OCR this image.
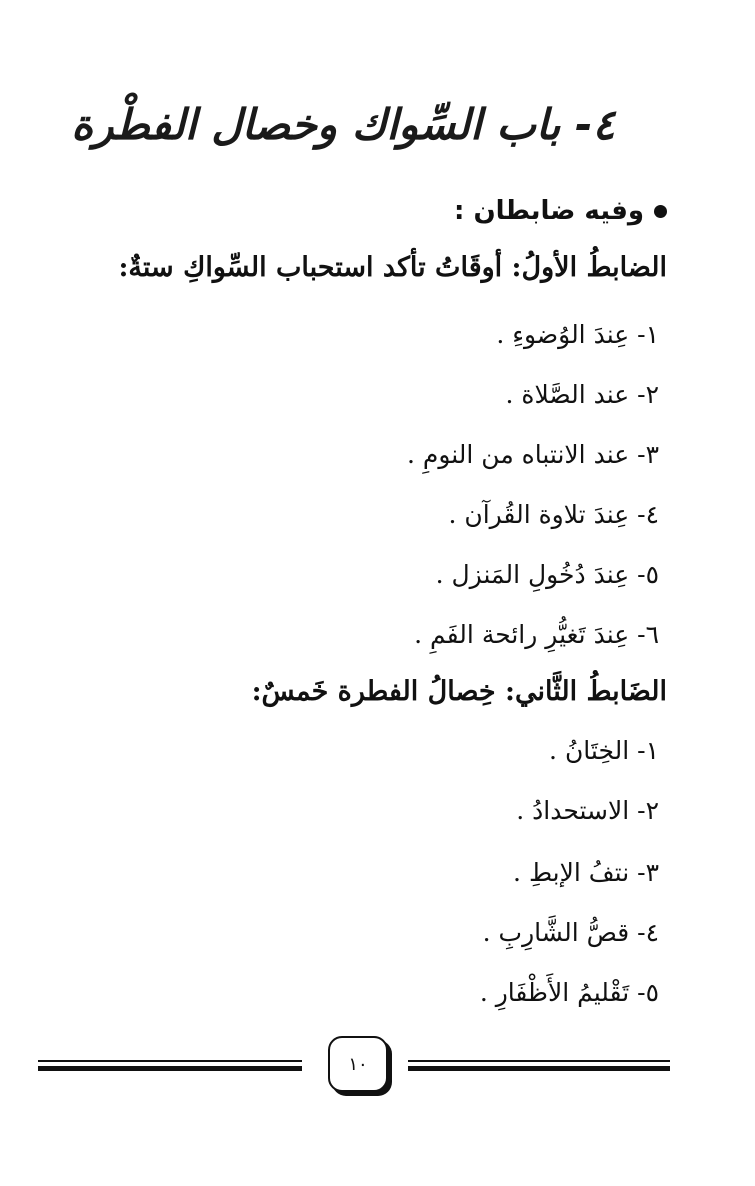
٤- باب السِّواك وخصال الفطْرة
وفيه ضابطان :
الضابطُ الأولُ: أوقَاتُ تأكد استحباب السِّواكِ ستةٌ:
١- عِندَ الوُضوءِ .
٢- عند الصَّلاة .
٣- عند الانتباه من النومِ .
٤- عِندَ تلاوة القُرآن .
٥- عِندَ دُخُولِ المَنزل .
٦- عِندَ تَغيُّرِ رائحة الفَمِ .
الضَابطُ الثَّاني: خِصالُ الفطرة خَمسٌ:
١- الخِتَانُ .
٢- الاستحدادُ .
٣- نتفُ الإبطِ .
٤- قصُّ الشَّارِبِ .
٥- تَقْليمُ الأَظْفَارِ .
١٠
